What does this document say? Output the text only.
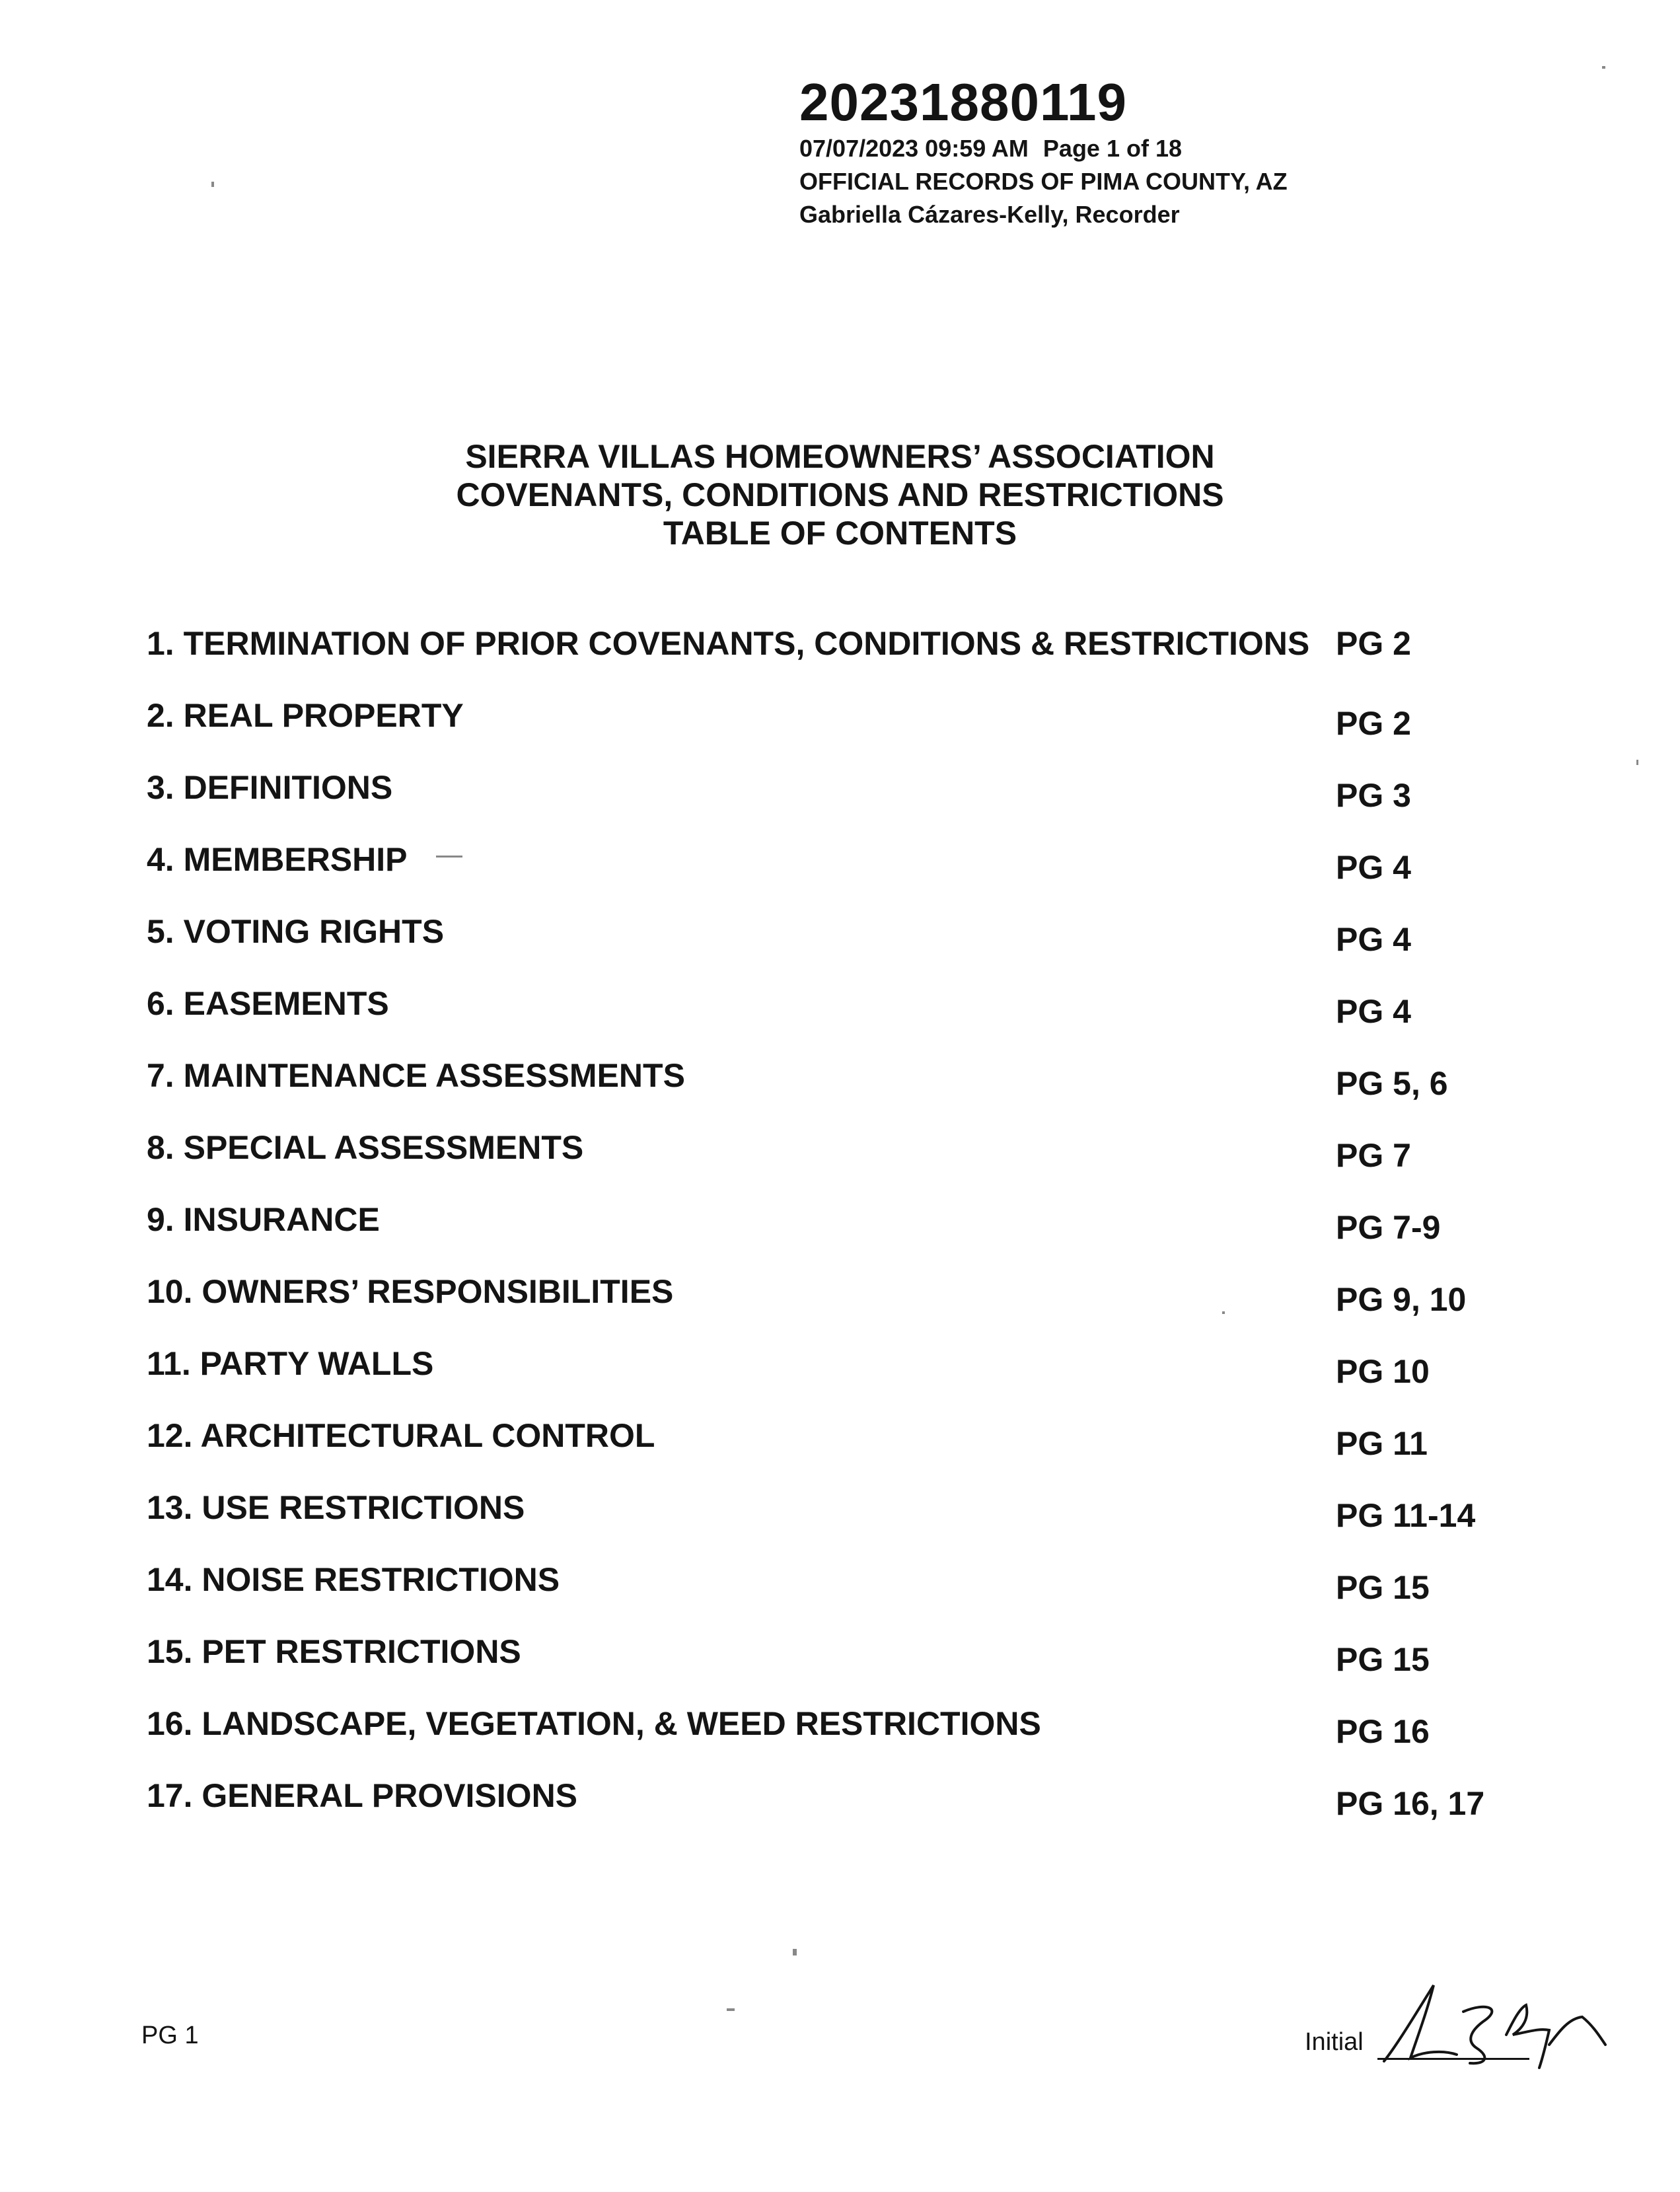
20231880119
07/07/2023 09:59 AM Page 1 of 18
OFFICIAL RECORDS OF PIMA COUNTY, AZ
Gabriella Cázares-Kelly, Recorder
SIERRA VILLAS HOMEOWNERS’ ASSOCIATION
COVENANTS, CONDITIONS AND RESTRICTIONS
TABLE OF CONTENTS
1. TERMINATION OF PRIOR COVENANTS, CONDITIONS & RESTRICTIONS PG 2
2. REAL PROPERTY	PG 2
3. DEFINITIONS	PG 3
4. MEMBERSHIP	PG 4
5. VOTING RIGHTS	PG 4
6. EASEMENTS	PG 4
7. MAINTENANCE ASSESSMENTS	PG 5, 6
8. SPECIAL ASSESSMENTS	PG 7
9. INSURANCE	PG 7-9
10. OWNERS’ RESPONSIBILITIES	PG 9, 10
11. PARTY WALLS	PG 10
12. ARCHITECTURAL CONTROL	PG 11
13. USE RESTRICTIONS	PG 11-14
14. NOISE RESTRICTIONS	PG 15
15. PET RESTRICTIONS	PG 15
16. LANDSCAPE, VEGETATION, & WEED RESTRICTIONS	PG 16
17. GENERAL PROVISIONS	PG 16, 17
PG 1	Initial
